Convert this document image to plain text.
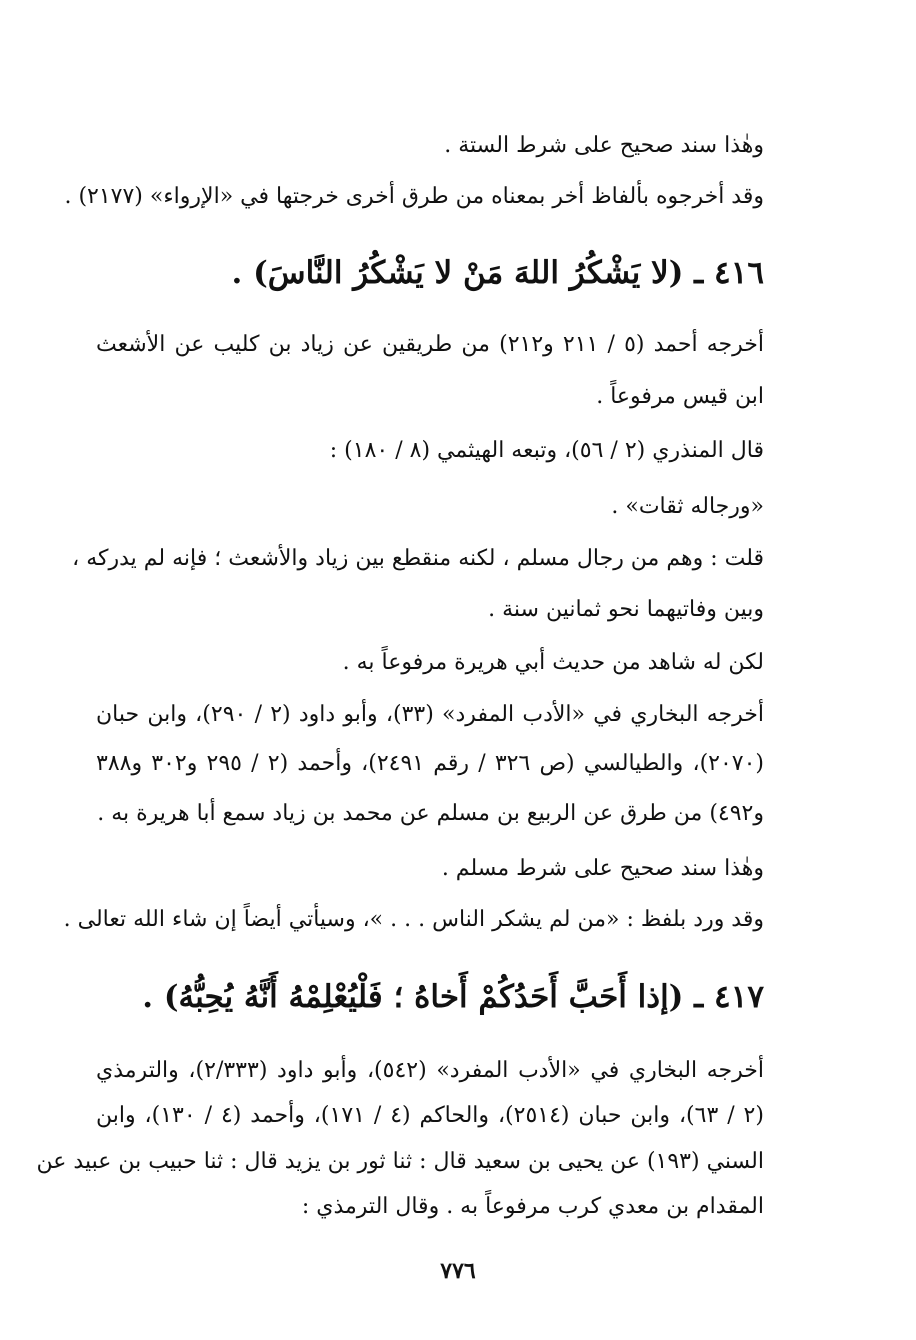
وهٰذا سند صحيح على شرط الستة .
وقد أخرجوه بألفاظ أخر بمعناه من طرق أخرى خرجتها في «الإرواء» (٢١٧٧) .
٤١٦ ـ (لا يَشْكُرُ اللهَ مَنْ لا يَشْكُرُ النَّاسَ) .
أخرجه أحمد (٥ / ٢١١ و٢١٢) من طريقين عن زياد بن كليب عن الأشعث
ابن قيس مرفوعاً .
قال المنذري (٢ / ٥٦)، وتبعه الهيثمي (٨ / ١٨٠) :
«ورجاله ثقات» .
قلت : وهم من رجال مسلم ، لكنه منقطع بين زياد والأشعث ؛ فإنه لم يدركه ،
وبين وفاتيهما نحو ثمانين سنة .
لكن له شاهد من حديث أبي هريرة مرفوعاً به .
أخرجه البخاري في «الأدب المفرد» (٣٣)، وأبو داود (٢ / ٢٩٠)، وابن حبان
(٢٠٧٠)، والطيالسي (ص ٣٢٦ / رقم ٢٤٩١)، وأحمد (٢ / ٢٩٥ و٣٠٢ و٣٨٨
و٤٩٢) من طرق عن الربيع بن مسلم عن محمد بن زياد سمع أبا هريرة به .
وهٰذا سند صحيح على شرط مسلم .
وقد ورد بلفظ : «من لم يشكر الناس . . . »، وسيأتي أيضاً إن شاء الله تعالى .
٤١٧ ـ (إذا أَحَبَّ أَحَدُكُمْ أَخاهُ ؛ فَلْيُعْلِمْهُ أَنَّهُ يُحِبُّهُ) .
أخرجه البخاري في «الأدب المفرد» (٥٤٢)، وأبو داود (٢/٣٣٣)، والترمذي
(٢ / ٦٣)، وابن حبان (٢٥١٤)، والحاكم (٤ / ١٧١)، وأحمد (٤ / ١٣٠)، وابن
السني (١٩٣) عن يحيى بن سعيد قال : ثنا ثور بن يزيد قال : ثنا حبيب بن عبيد عن
المقدام بن معدي كرب مرفوعاً به . وقال الترمذي :
٧٧٦
